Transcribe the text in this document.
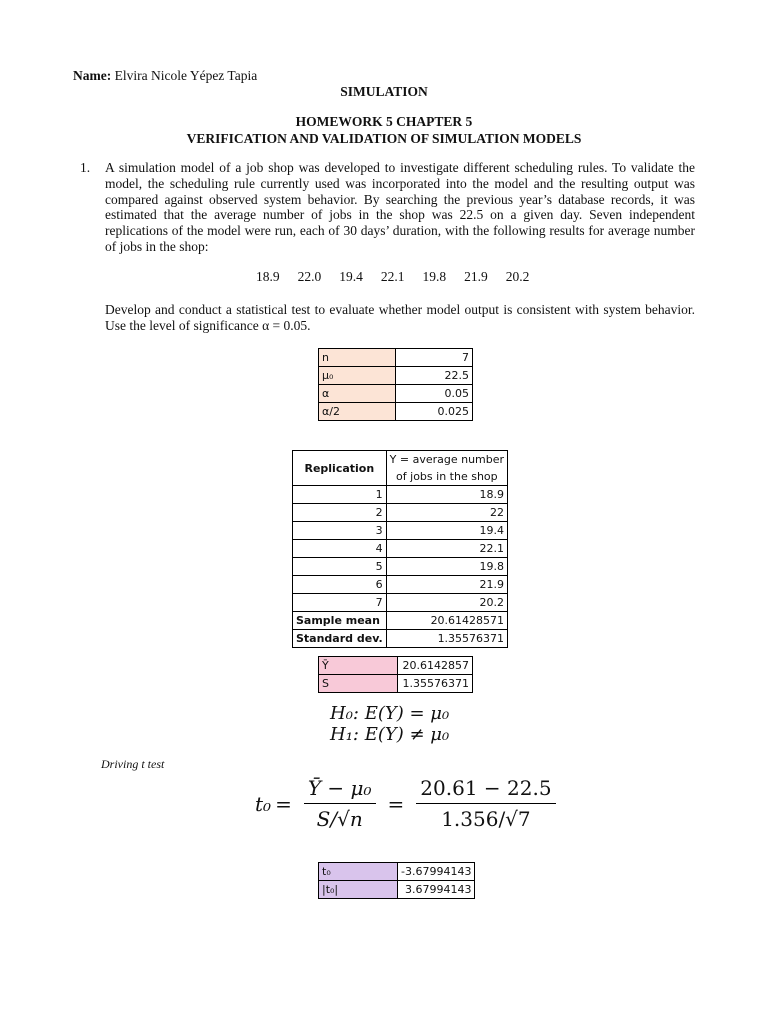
Name: Elvira Nicole Yépez Tapia
SIMULATION
HOMEWORK 5 CHAPTER 5
VERIFICATION AND VALIDATION OF SIMULATION MODELS
1. A simulation model of a job shop was developed to investigate different scheduling rules. To validate the model, the scheduling rule currently used was incorporated into the model and the resulting output was compared against observed system behavior. By searching the previous year’s database records, it was estimated that the average number of jobs in the shop was 22.5 on a given day. Seven independent replications of the model were run, each of 30 days’ duration, with the following results for average number of jobs in the shop:
18.9 22.0 19.4 22.1 19.8 21.9 20.2
Develop and conduct a statistical test to evaluate whether model output is consistent with system behavior. Use the level of significance α = 0.05.
n	7
μ₀	22.5
α	0.05
α/2	0.025
Replication	Y = average number
of jobs in the shop

1	18.9
2	22
3	19.4
4	22.1
5	19.8
6	21.9
7	20.2
Sample mean	20.61428571
Standard dev.	1.35576371
Ȳ	20.6142857
S	1.35576371
H₀: E(Y) = μ₀
H₁: E(Y) ≠ μ₀
Driving t test
$t_0 = \frac{\text{Ȳ − μ₀}}{S/√n} = \frac{20.61 - 22.5}{1.356/√7}$
t₀	-3.67994143
|t₀|	3.67994143
